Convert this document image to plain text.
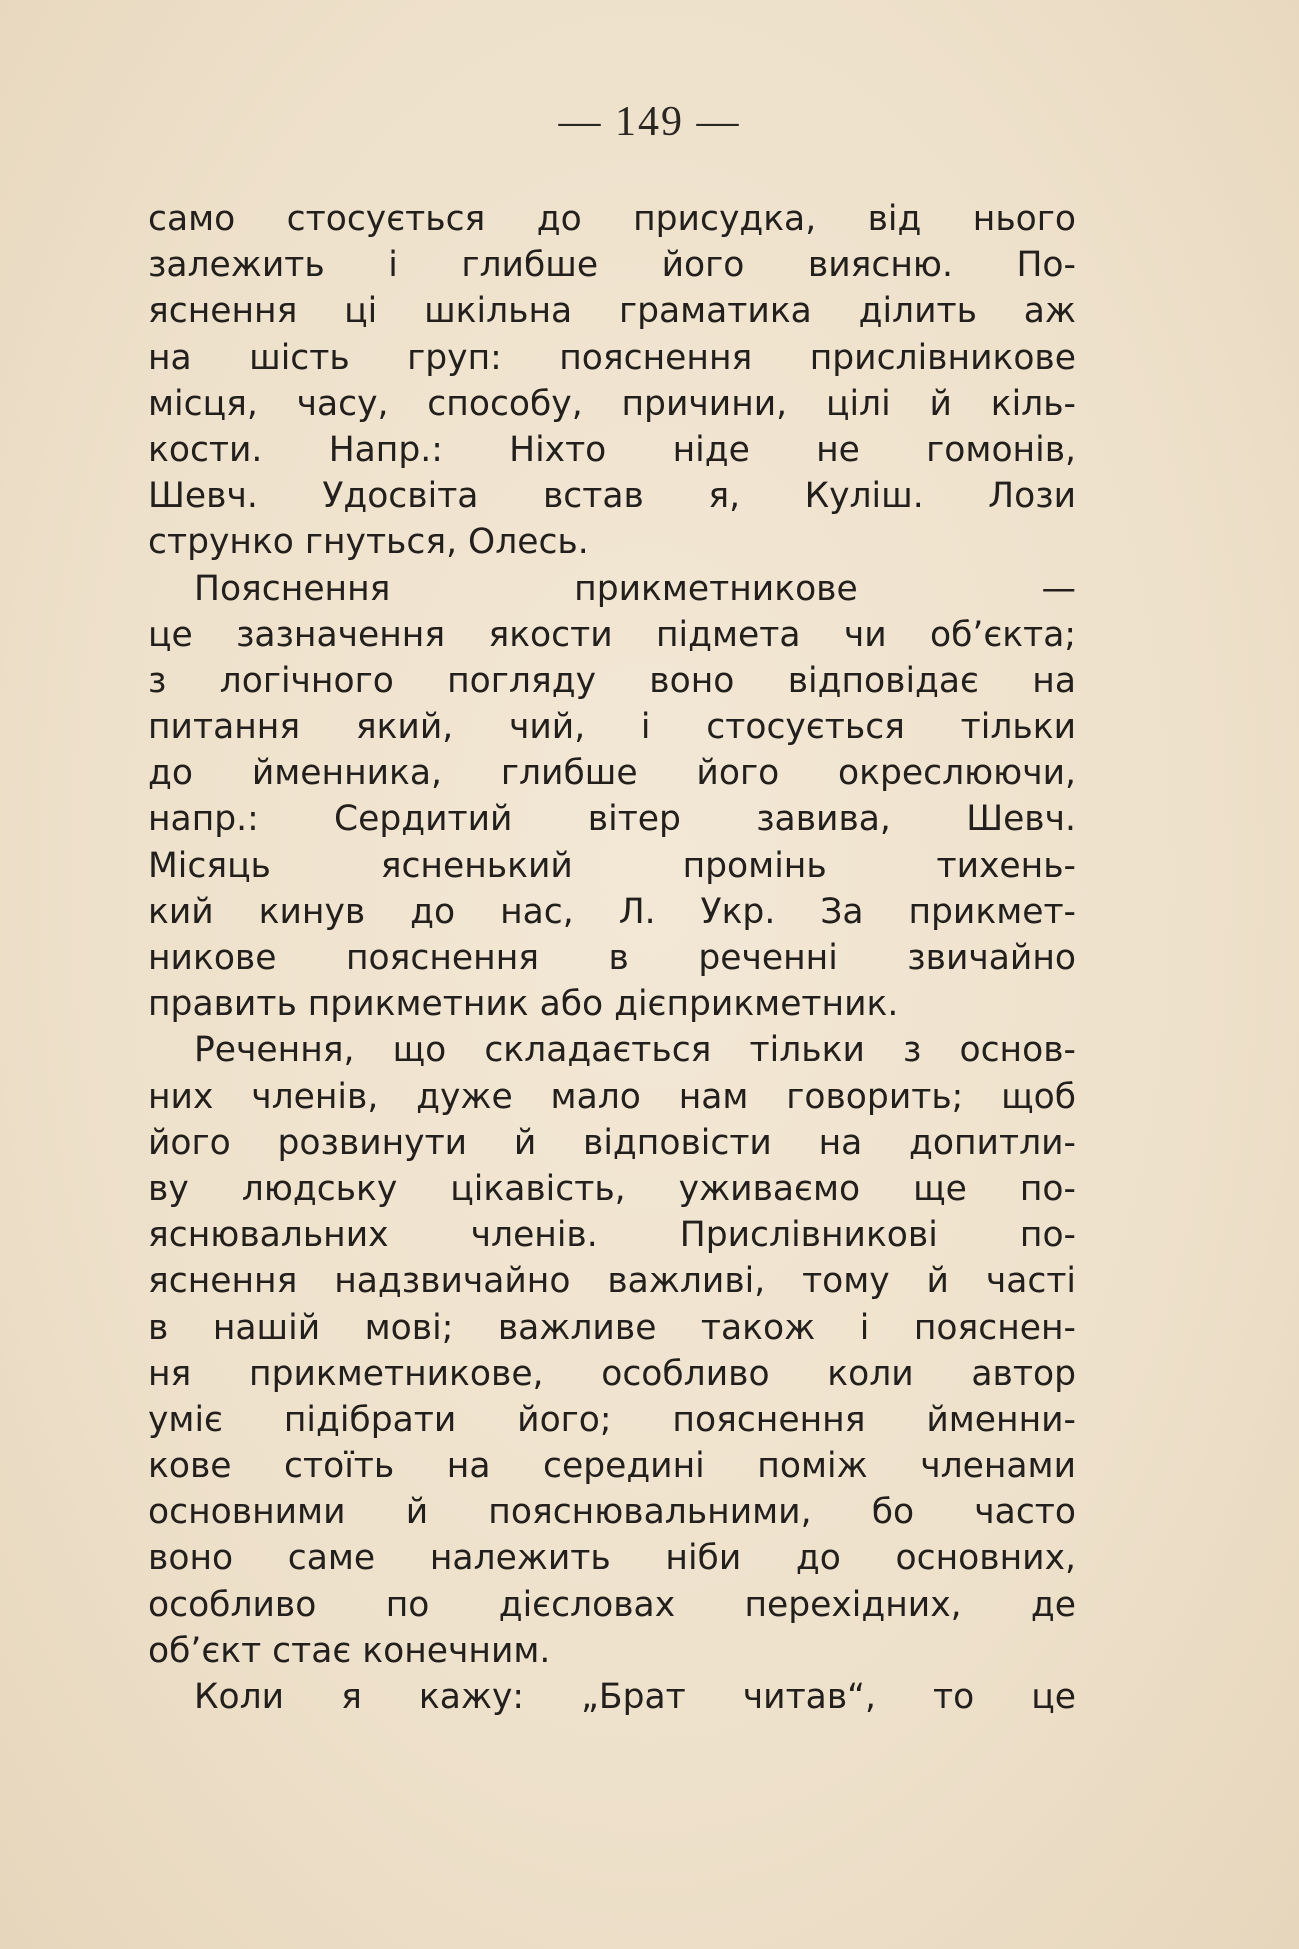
— 149 —
само стосується до присудка, від нього
залежить і глибше його виясню. По-
яснення ці шкільна граматика ділить аж
на шість груп: пояснення прислівникове
місця, часу, способу, причини, цілі й кіль-
кости. Напр.: Ніхто ніде не гомонів,
Шевч. Удосвіта встав я, Куліш. Лози
струнко гнуться, Олесь.
Пояснення прикметникове —
це зазначення якости підмета чи об’єкта;
з логічного погляду воно відповідає на
питання який, чий, і стосується тільки
до йменника, глибше його окреслюючи,
напр.: Сердитий вітер завива, Шевч.
Місяць ясненький промінь тихень-
кий кинув до нас, Л. Укр. За прикмет-
никове пояснення в реченні звичайно
править прикметник або дієприкметник.
Речення, що складається тільки з основ-
них членів, дуже мало нам говорить; щоб
його розвинути й відповісти на допитли-
ву людську цікавість, уживаємо ще по-
яснювальних членів. Прислівникові по-
яснення надзвичайно важливі, тому й часті
в нашій мові; важливе також і пояснен-
ня прикметникове, особливо коли автор
уміє підібрати його; пояснення йменни-
кове стоїть на середині поміж членами
основними й пояснювальними, бо часто
воно саме належить ніби до основних,
особливо по дієсловах перехідних, де
об’єкт стає конечним.
Коли я кажу: „Брат читав“, то це
